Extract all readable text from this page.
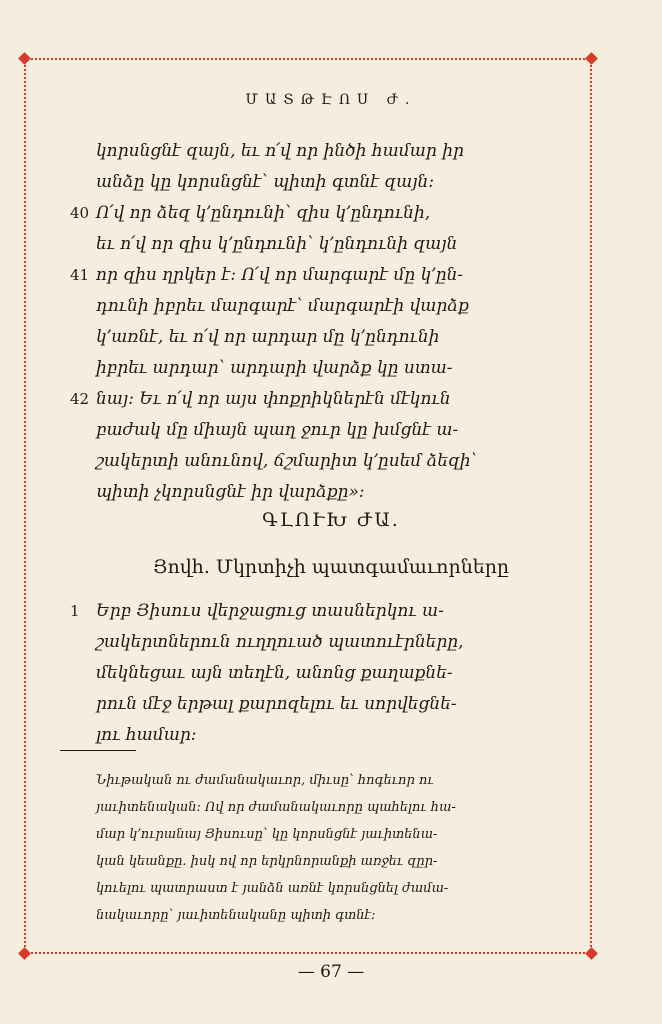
ՄԱՏԹԷՈՍ Ժ.
կորսնցնէ զայն, եւ ո՛վ որ ինծի համար իր
անձը կը կորսնցնէ՝ պիտի գտնէ զայն:
40 Ո՛վ որ ձեզ կ՚ընդունի՝ զիս կ՚ընդունի,
եւ ո՛վ որ զիս կ՚ընդունի՝ կ՚ընդունի զայն
41 որ զիս ղրկեր է: Ո՛վ որ մարգարէ մը կ՚ըն-
դունի իբրեւ մարգարէ՝ մարգարէի վարձք
կ՚առնէ, եւ ո՛վ որ արդար մը կ՚ընդունի
իբրեւ արդար՝ արդարի վարձք կը ստա-
42 նայ: Եւ ո՛վ որ այս փոքրիկներէն մէկուն
բաժակ մը միայն պաղ ջուր կը խմցնէ ա-
շակերտի անունով, ճշմարիտ կ՚ըսեմ ձեզի՝
պիտի չկորսնցնէ իր վարձքը»:
ԳԼՈՒԽ ԺԱ.
Յովհ. Մկրտիչի պատգամաւորները
1 Երբ Յիսուս վերջացուց տասներկու ա-
շակերտներուն ուղղուած պատուէրները,
մեկնեցաւ այն տեղէն, անոնց քաղաքնե-
րուն մէջ երթալ քարոզելու եւ սորվեցնե-
լու համար:
Նիւթական ու ժամանակաւոր, միւսը՝ հոգեւոր ու
յաւիտենական: Ով որ ժամանակաւորը պահելու հա-
մար կ՚ուրանայ Յիսուսը՝ կը կորսնցնէ յաւիտենա-
կան կեանքը. իսկ ով որ երկրնորանքի առջեւ զըր-
կուելու պատրաստ է յանձն առնէ կորսնցնել ժամա-
նակաւորը՝ յաւիտենականը պիտի գտնէ:
— 67 —
